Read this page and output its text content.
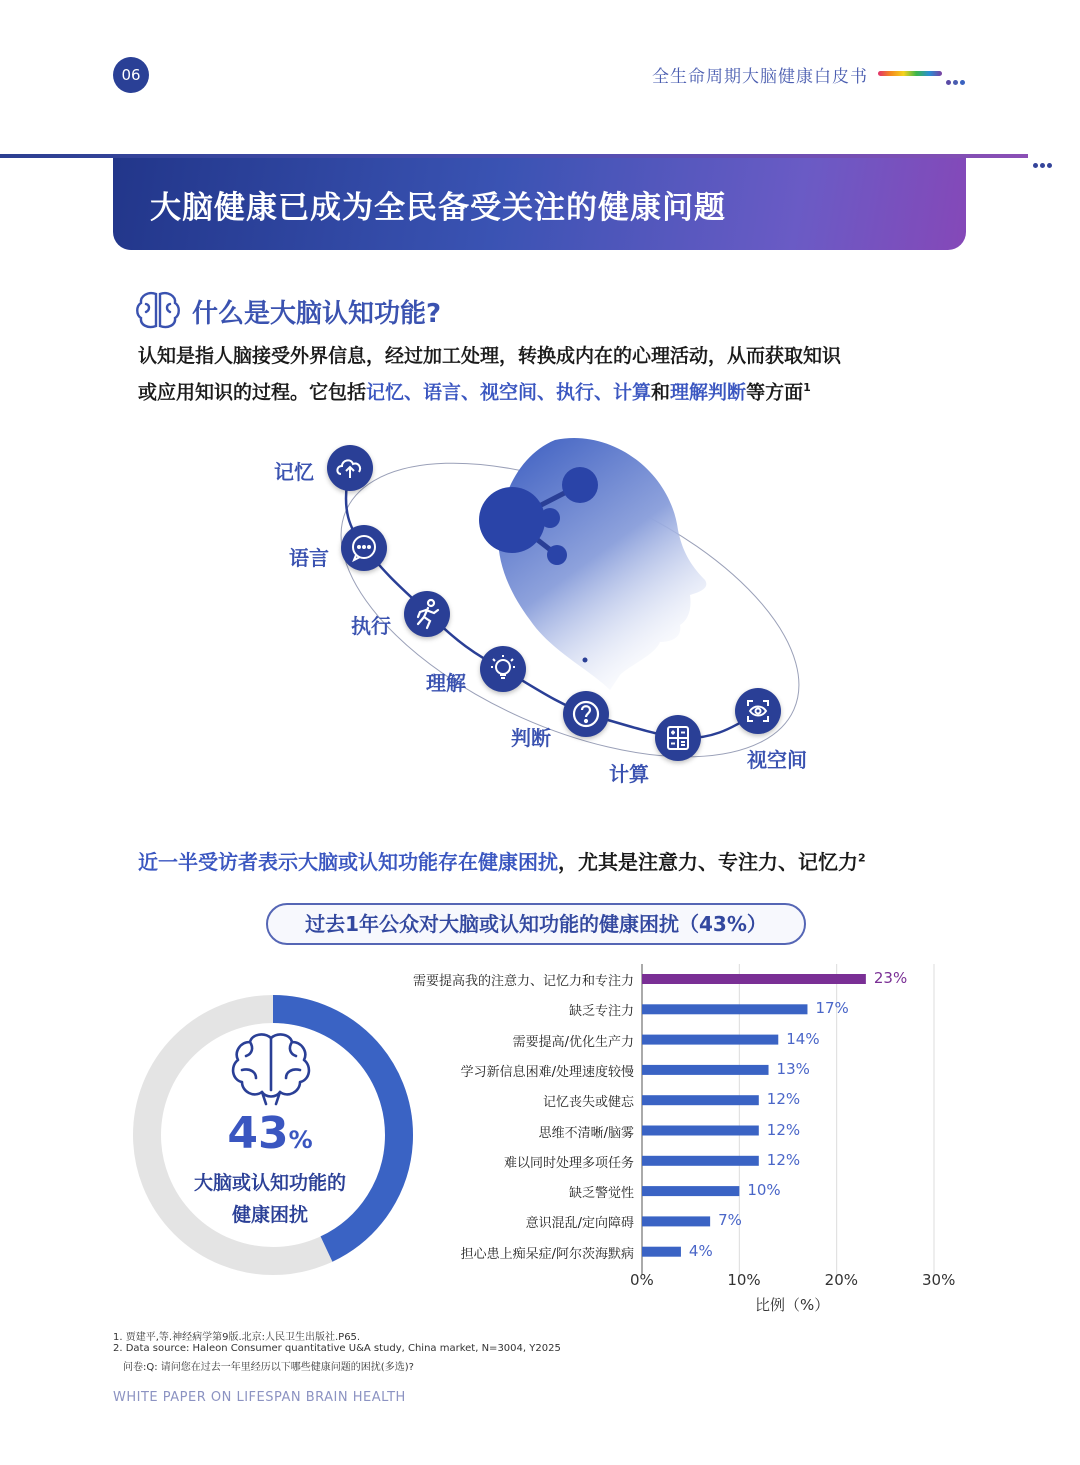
06	全生命周期大脑健康白皮书
大脑健康已成为全民备受关注的健康问题
什么是大脑认知功能?
认知是指人脑接受外界信息，经过加工处理，转换成内在的心理活动，从而获取知识
或应用知识的过程。它包括记忆、语言、视空间、执行、计算和理解判断等方面$^1$
记忆
语言
执行
理解
判断
计算
视空间
近一半受访者表示大脑或认知功能存在健康困扰，尤其是注意力、专注力、记忆力$^2$
过去1年公众对大脑或认知功能的健康困扰（43%）
43%
大脑或认知功能的
健康困扰
需要提高我的注意力、记忆力和专注力	23%
缺乏专注力	17%
需要提高/优化生产力	14%
学习新信息困难/处理速度较慢	13%
记忆丧失或健忘	12%
思维不清晰/脑雾	12%
难以同时处理多项任务	12%
缺乏警觉性	10%
意识混乱/定向障碍	7%
担心患上痴呆症/阿尔茨海默病	4%
0%	10%	20%	30%
比例（%）
1. 贾建平,等.神经病学第9版.北京:人民卫生出版社.P65.
2. Data source: Haleon Consumer quantitative U&A study, China market, N=3004, Y2025
问卷:Q: 请问您在过去一年里经历以下哪些健康问题的困扰(多选)?
WHITE PAPER ON LIFESPAN BRAIN HEALTH
